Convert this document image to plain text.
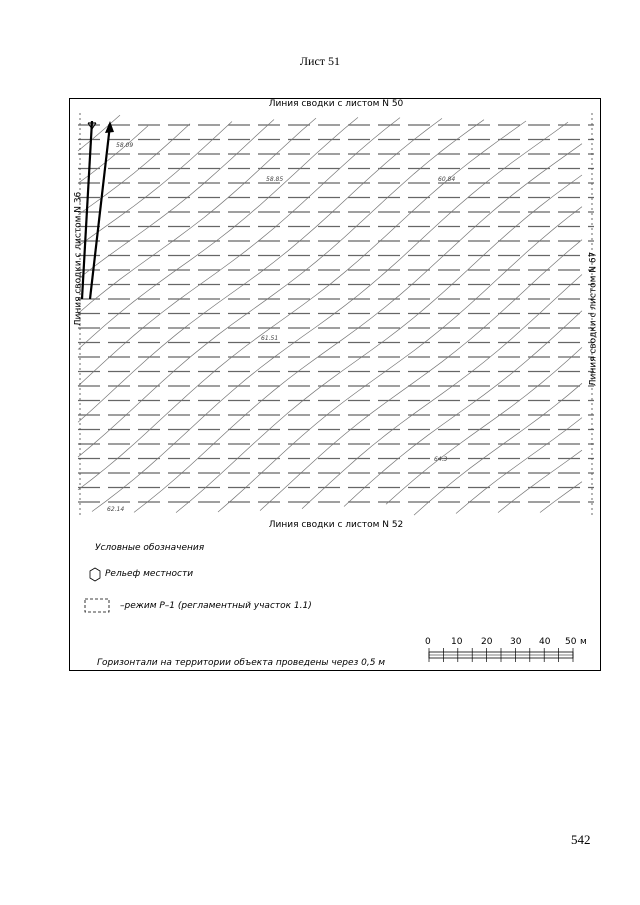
Лист 51
Линия сводки с листом N 50
Линия сводки с листом N 52
Линия сводки с листом N 36	Линия сводки с листом N 67
58.09
58.85	60.84
61.51
64.3
62.14
Условные обозначения
Рельеф местности
–режим Р–1 (регламентный участок 1.1)
Горизонтали на территории объекта проведены через 0,5 м
0 10 20 30 40 50 м
542
